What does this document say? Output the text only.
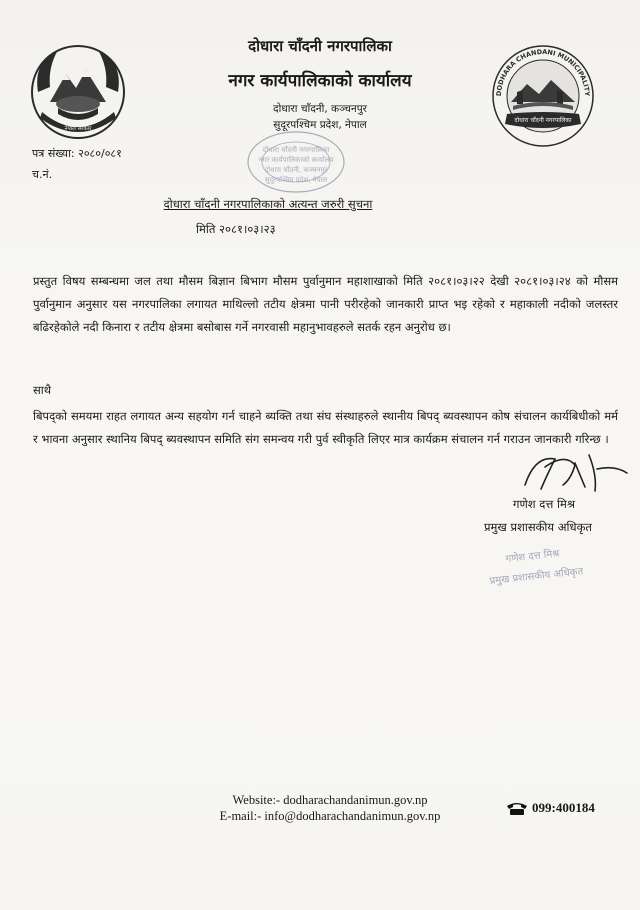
नेपाल सरकार
दोधारा चाँदनी नगरपालिका
नगर कार्यपालिकाको कार्यालय
दोधारा चाँदनी, कञ्चनपुर
सुदूरपश्चिम प्रदेश, नेपाल
DODHARA CHANDANI MUNICIPALITY
दोधारा चाँदनी नगरपालिका
दोधारा चाँदनी नगरपालिका
नगर कार्यपालिकाको कार्यालय
दोधारा चाँदनी, कञ्चनपुर
सुदूरपश्चिम प्रदेश, नेपाल
पत्र संख्या: २०८०/०८१
च.नं.
दोधारा चाँदनी नगरपालिकाको अत्यन्त जरुरी सुचना
मिति २०८१।०३।२३

प्रस्तुत विषय सम्बन्धमा जल तथा मौसम बिज्ञान बिभाग मौसम पुर्वानुमान महाशाखाको मिति २०८१।०३।२२ देखी २०८१।०३।२४ को मौसम पुर्वानुमान अनुसार यस नगरपालिका लगायत माथिल्लो तटीय क्षेत्रमा पानी परीरहेको जानकारी प्राप्त भइ रहेको र महाकाली नदीको जलस्तर बढिरहेकोले नदी किनारा र तटीय क्षेत्रमा बसोबास गर्ने नगरवासी महानुभावहरुले सतर्क रहन अनुरोध छ।

साथै

बिपद्को समयमा राहत लगायत अन्य सहयोग गर्न चाहने ब्यक्ति तथा संघ संस्थाहरुले स्थानीय बिपद् ब्यवस्थापन कोष संचालन कार्यबिधीको मर्म र भावना अनुसार स्थानिय बिपद् ब्यवस्थापन समिति संग समन्वय गरी पुर्व स्वीकृति लिएर मात्र कार्यक्रम संचालन गर्न गराउन जानकारी गरिन्छ ।

गणेश दत्त मिश्र
प्रमुख प्रशासकीय अधिकृत
गणेश दत्त मिश्र
प्रमुख प्रशासकीय अधिकृत
Website:- dodharachandanimun.gov.np
E-mail:- info@dodharachandanimun.gov.np
099:400184
